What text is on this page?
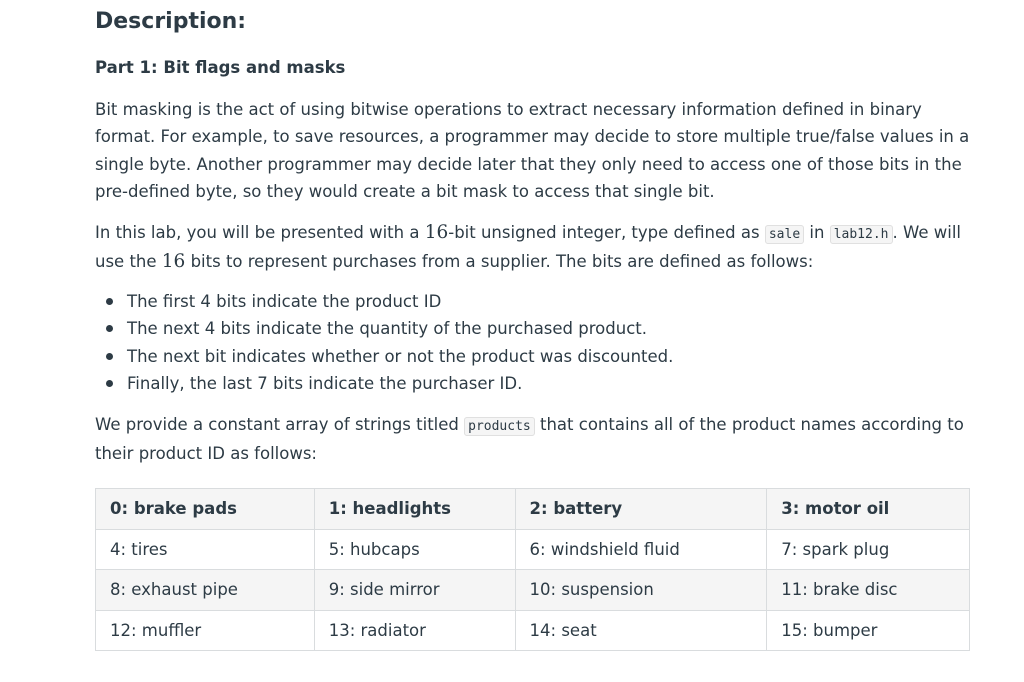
Description:
Part 1: Bit flags and masks

Bit masking is the act of using bitwise operations to extract necessary information defined in binary format. For example, to save resources, a programmer may decide to store multiple true/false values in a single byte. Another programmer may decide later that they only need to access one of those bits in the pre-defined byte, so they would create a bit mask to access that single bit.

In this lab, you will be presented with a 16-bit unsigned integer, type defined as sale in lab12.h . We will use the 16 bits to represent purchases from a supplier. The bits are defined as follows:

The first 4 bits indicate the product ID
The next 4 bits indicate the quantity of the purchased product.
The next bit indicates whether or not the product was discounted.
Finally, the last 7 bits indicate the purchaser ID.

We provide a constant array of strings titled products that contains all of the product names according to their product ID as follows:

0: brake pads	1: headlights	2: battery	3: motor oil
4: tires	5: hubcaps	6: windshield fluid	7: spark plug
8: exhaust pipe	9: side mirror	10: suspension	11: brake disc
12: muffler	13: radiator	14: seat	15: bumper
